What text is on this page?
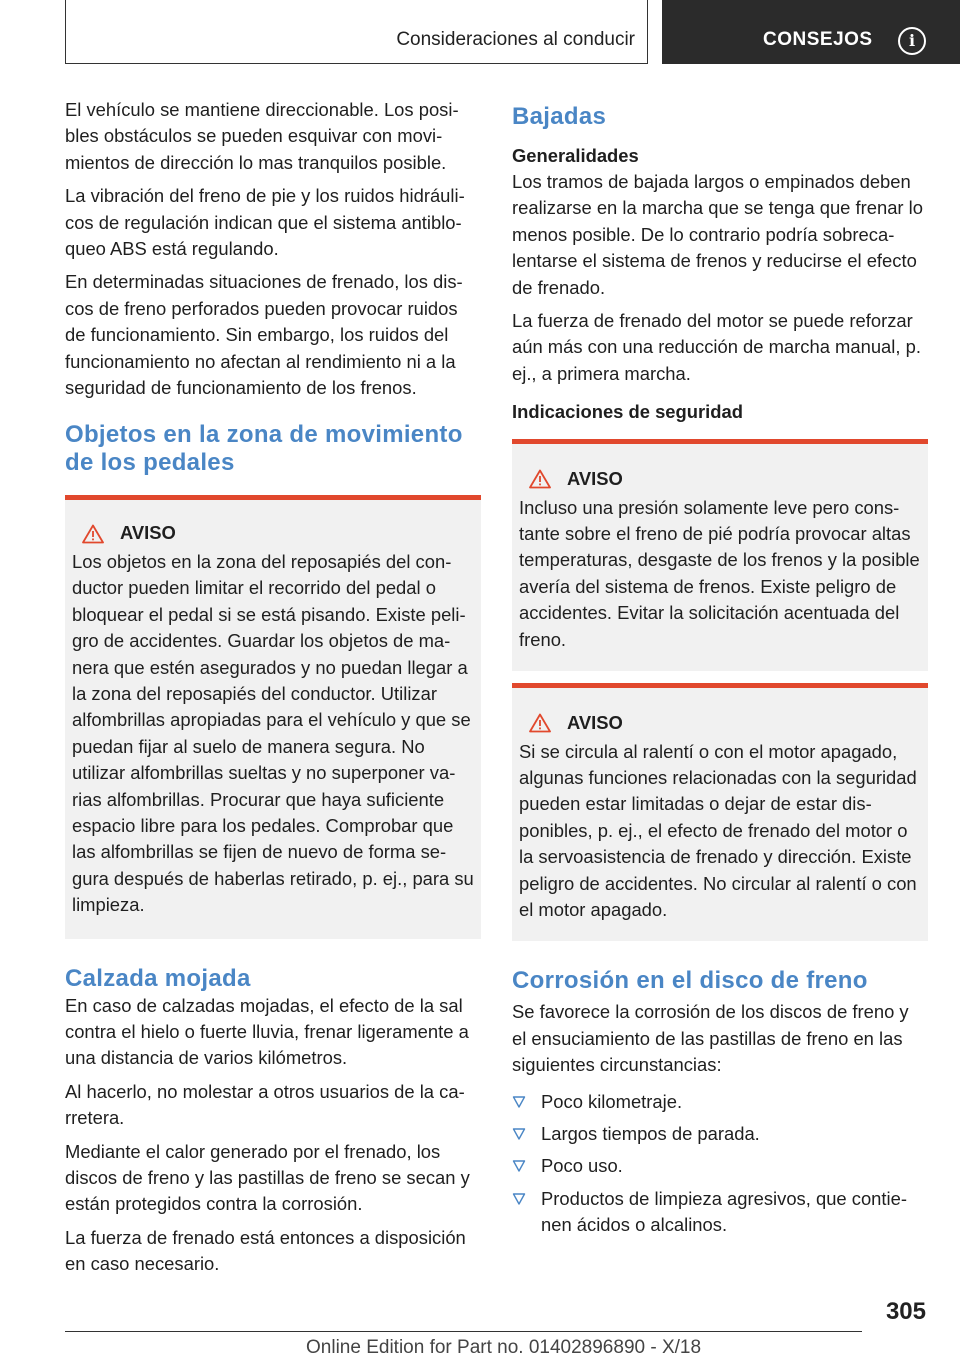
Consideraciones al conducir	CONSEJOS	i

El vehículo se mantiene direccionable. Los posibles obstáculos se pueden esquivar con movimientos de dirección lo mas tranquilos posible.

La vibración del freno de pie y los ruidos hidráulicos de regulación indican que el sistema antibloqueo ABS está regulando.

En determinadas situaciones de frenado, los discos de freno perforados pueden provocar ruidos de funcionamiento. Sin embargo, los ruidos del funcionamiento no afectan al rendimiento ni a la seguridad de funcionamiento de los frenos.

Objetos en la zona de movimiento de los pedales
AVISO

Los objetos en la zona del reposapiés del conductor pueden limitar el recorrido del pedal o bloquear el pedal si se está pisando. Existe peligro de accidentes. Guardar los objetos de manera que estén asegurados y no puedan llegar a la zona del reposapiés del conductor. Utilizar alfombrillas apropiadas para el vehículo y que se puedan fijar al suelo de manera segura. No utilizar alfombrillas sueltas y no superponer varias alfombrillas. Procurar que haya suficiente espacio libre para los pedales. Comprobar que las alfombrillas se fijen de nuevo de forma segura después de haberlas retirado, p. ej., para su limpieza.

Calzada mojada

En caso de calzadas mojadas, el efecto de la sal contra el hielo o fuerte lluvia, frenar ligeramente a una distancia de varios kilómetros.

Al hacerlo, no molestar a otros usuarios de la carretera.

Mediante el calor generado por el frenado, los discos de freno y las pastillas de freno se secan y están protegidos contra la corrosión.

La fuerza de frenado está entonces a disposición en caso necesario.

Bajadas
Generalidades

Los tramos de bajada largos o empinados deben realizarse en la marcha que se tenga que frenar lo menos posible. De lo contrario podría sobrecalentarse el sistema de frenos y reducirse el efecto de frenado.

La fuerza de frenado del motor se puede reforzar aún más con una reducción de marcha manual, p. ej., a primera marcha.

Indicaciones de seguridad
AVISO

Incluso una presión solamente leve pero constante sobre el freno de pié podría provocar altas temperaturas, desgaste de los frenos y la posible avería del sistema de frenos. Existe peligro de accidentes. Evitar la solicitación acentuada del freno.

AVISO

Si se circula al ralentí o con el motor apagado, algunas funciones relacionadas con la seguridad pueden estar limitadas o dejar de estar disponibles, p. ej., el efecto de frenado del motor o la servoasistencia de frenado y dirección. Existe peligro de accidentes. No circular al ralentí o con el motor apagado.

Corrosión en el disco de freno

Se favorece la corrosión de los discos de freno y el ensuciamiento de las pastillas de freno en las siguientes circunstancias:

Poco kilometraje.
Largos tiempos de parada.
Poco uso.
Productos de limpieza agresivos, que contienen ácidos o alcalinos.
305
Online Edition for Part no. 01402896890 - X/18
